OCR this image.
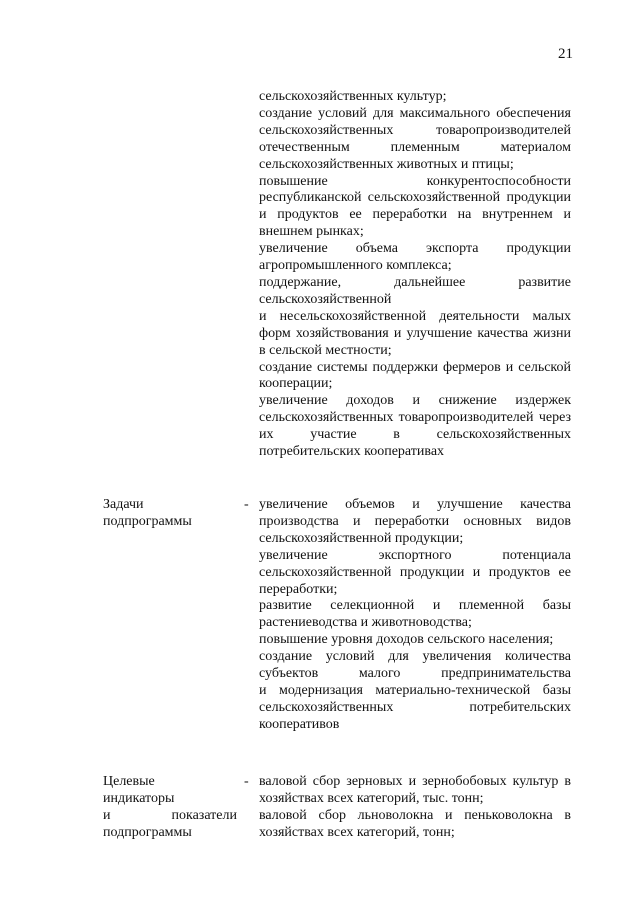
21
сельскохозяйственных культур;
создание условий для максимального обеспечения сельскохозяйственных товаропроизводителей отечественным племенным материалом сельскохозяйственных животных и птицы;
повышение конкурентоспособности республиканской сельскохозяйственной продукции и продуктов ее переработки на внутреннем и внешнем рынках;
увеличение объема экспорта продукции агропромышленного комплекса;
поддержание, дальнейшее развитие сельскохозяйственной
и несельскохозяйственной деятельности малых форм хозяйствования и улучшение качества жизни в сельской местности;
создание системы поддержки фермеров и сельской кооперации;
увеличение доходов и снижение издержек сельскохозяйственных товаропроизводителей через их участие в сельскохозяйственных потребительских кооперативах
Задачи
подпрограммы
- увеличение объемов и улучшение качества производства и переработки основных видов сельскохозяйственной продукции;
увеличение экспортного потенциала сельскохозяйственной продукции и продуктов ее переработки;
развитие селекционной и племенной базы растениеводства и животноводства;
повышение уровня доходов сельского населения;
создание условий для увеличения количества субъектов малого предпринимательства
и модернизация материально-технической базы сельскохозяйственных потребительских кооперативов
Целевые
индикаторы
и показатели
подпрограммы
- валовой сбор зерновых и зернобобовых культур в хозяйствах всех категорий, тыс. тонн;
валовой сбор льноволокна и пеньковолокна в хозяйствах всех категорий, тонн;
